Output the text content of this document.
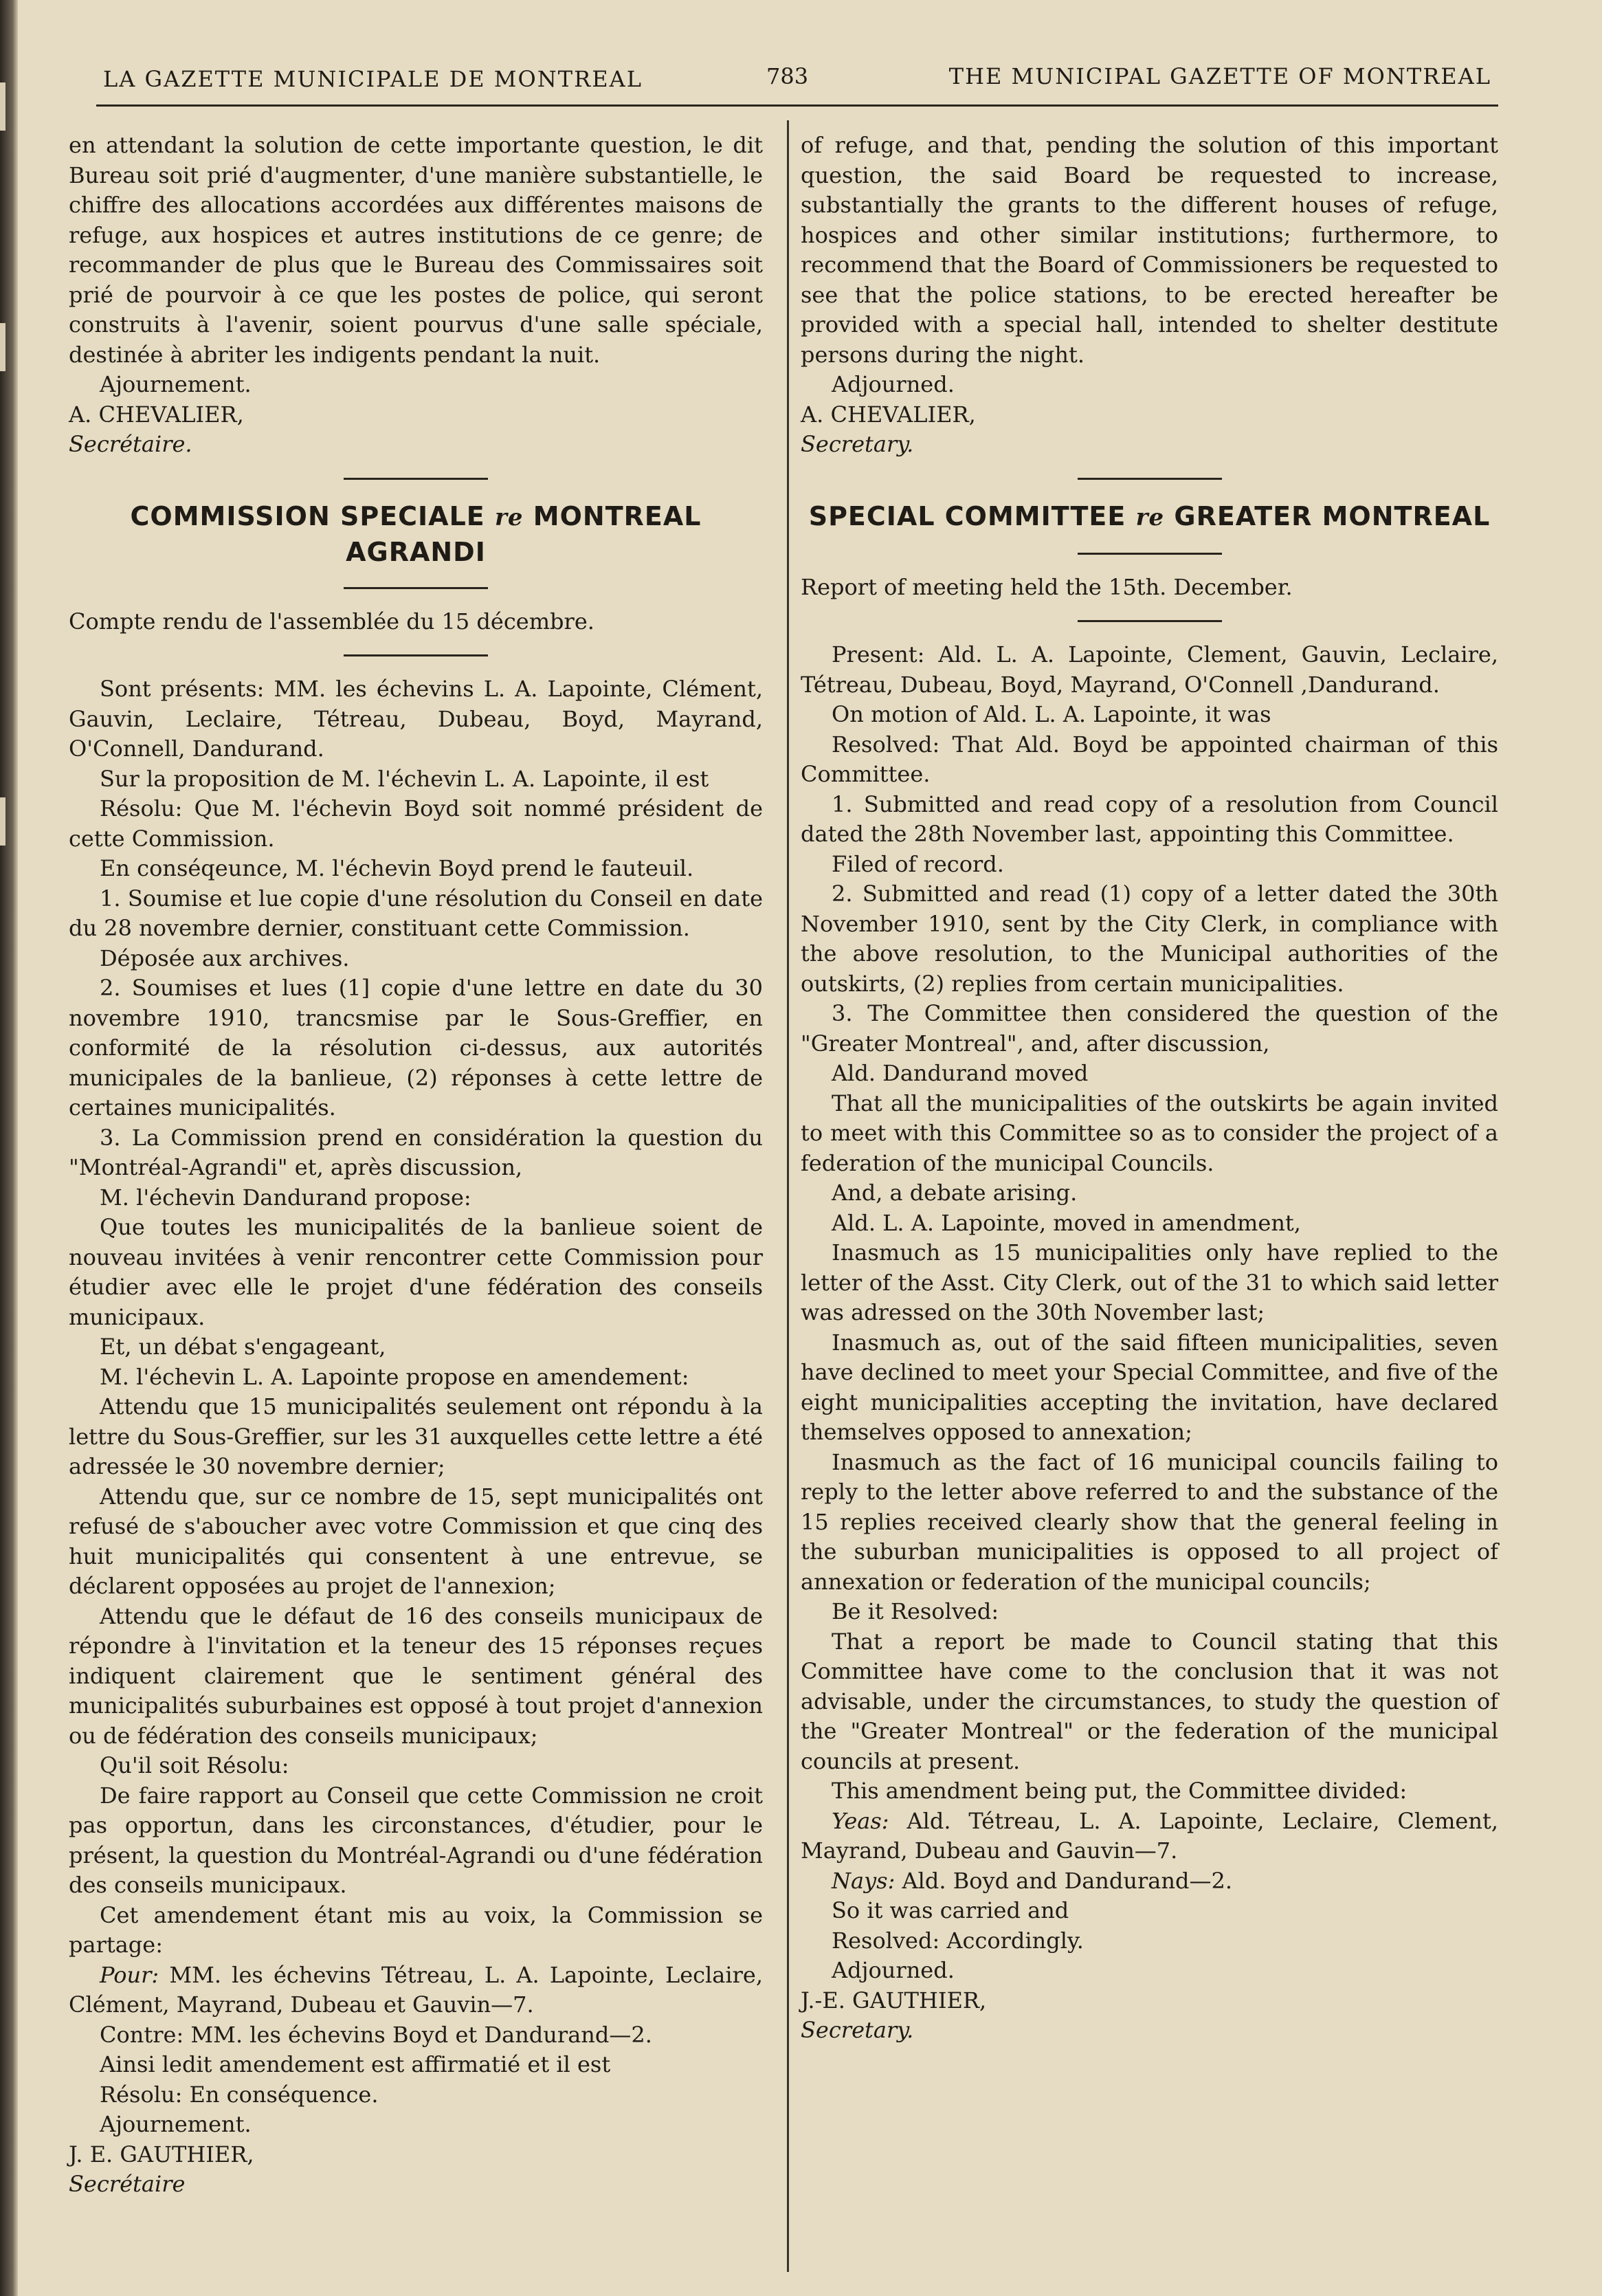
LA GAZETTE MUNICIPALE DE MONTREAL	783	THE MUNICIPAL GAZETTE OF MONTREAL

en attendant la solution de cette importante question, le dit Bureau soit prié d'augmenter, d'une manière substantielle, le chiffre des allocations accordées aux différentes maisons de refuge, aux hospices et autres institutions de ce genre; de recommander de plus que le Bureau des Commissaires soit prié de pourvoir à ce que les postes de police, qui seront construits à l'avenir, soient pourvus d'une salle spéciale, destinée à abriter les indigents pendant la nuit.

Ajournement.

A. CHEVALIER,

Secrétaire.

COMMISSION SPECIALE re MONTREAL AGRANDI

Compte rendu de l'assemblée du 15 décembre.

Sont présents: MM. les échevins L. A. Lapointe, Clément, Gauvin, Leclaire, Tétreau, Dubeau, Boyd, Mayrand, O'Connell, Dandurand.

Sur la proposition de M. l'échevin L. A. Lapointe, il est

Résolu: Que M. l'échevin Boyd soit nommé président de cette Commission.

En conséqeunce, M. l'échevin Boyd prend le fauteuil.

1. Soumise et lue copie d'une résolution du Conseil en date du 28 novembre dernier, constituant cette Commission.

Déposée aux archives.

2. Soumises et lues (1] copie d'une lettre en date du 30 novembre 1910, trancsmise par le Sous-Greffier, en conformité de la résolution ci-dessus, aux autorités municipales de la banlieue, (2) réponses à cette lettre de certaines municipalités.

3. La Commission prend en considération la question du "Montréal-Agrandi" et, après discussion,

M. l'échevin Dandurand propose:

Que toutes les municipalités de la banlieue soient de nouveau invitées à venir rencontrer cette Commission pour étudier avec elle le projet d'une fédération des conseils municipaux.

Et, un débat s'engageant,

M. l'échevin L. A. Lapointe propose en amendement:

Attendu que 15 municipalités seulement ont répondu à la lettre du Sous-Greffier, sur les 31 auxquelles cette lettre a été adressée le 30 novembre dernier;

Attendu que, sur ce nombre de 15, sept municipalités ont refusé de s'aboucher avec votre Commission et que cinq des huit municipalités qui consentent à une entrevue, se déclarent opposées au projet de l'annexion;

Attendu que le défaut de 16 des conseils municipaux de répondre à l'invitation et la teneur des 15 réponses reçues indiquent clairement que le sentiment général des municipalités suburbaines est opposé à tout projet d'annexion ou de fédération des conseils municipaux;

Qu'il soit Résolu:

De faire rapport au Conseil que cette Commission ne croit pas opportun, dans les circonstances, d'étudier, pour le présent, la question du Montréal-Agrandi ou d'une fédération des conseils municipaux.

Cet amendement étant mis au voix, la Commission se partage:

Pour: MM. les échevins Tétreau, L. A. Lapointe, Leclaire, Clément, Mayrand, Dubeau et Gauvin—7.

Contre: MM. les échevins Boyd et Dandurand—2.

Ainsi ledit amendement est affirmatié et il est

Résolu: En conséquence.

Ajournement.

J. E. GAUTHIER,

Secrétaire

of refuge, and that, pending the solution of this important question, the said Board be requested to increase, substantially the grants to the different houses of refuge, hospices and other similar institutions; furthermore, to recommend that the Board of Commissioners be requested to see that the police stations, to be erected hereafter be provided with a special hall, intended to shelter destitute persons during the night.

Adjourned.

A. CHEVALIER,

Secretary.

SPECIAL COMMITTEE re GREATER MONTREAL

Report of meeting held the 15th. December.

Present: Ald. L. A. Lapointe, Clement, Gauvin, Leclaire, Tétreau, Dubeau, Boyd, Mayrand, O'Connell ,Dandurand.

On motion of Ald. L. A. Lapointe, it was

Resolved: That Ald. Boyd be appointed chairman of this Committee.

1. Submitted and read copy of a resolution from Council dated the 28th November last, appointing this Committee.

Filed of record.

2. Submitted and read (1) copy of a letter dated the 30th November 1910, sent by the City Clerk, in compliance with the above resolution, to the Municipal authorities of the outskirts, (2) replies from certain municipalities.

3. The Committee then considered the question of the "Greater Montreal", and, after discussion,

Ald. Dandurand moved

That all the municipalities of the outskirts be again invited to meet with this Committee so as to consider the project of a federation of the municipal Councils.

And, a debate arising.

Ald. L. A. Lapointe, moved in amendment,

Inasmuch as 15 municipalities only have replied to the letter of the Asst. City Clerk, out of the 31 to which said letter was adressed on the 30th November last;

Inasmuch as, out of the said fifteen municipalities, seven have declined to meet your Special Committee, and five of the eight municipalities accepting the invitation, have declared themselves opposed to annexation;

Inasmuch as the fact of 16 municipal councils failing to reply to the letter above referred to and the substance of the 15 replies received clearly show that the general feeling in the suburban municipalities is opposed to all project of annexation or federation of the municipal councils;

Be it Resolved:

That a report be made to Council stating that this Committee have come to the conclusion that it was not advisable, under the circumstances, to study the question of the "Greater Montreal" or the federation of the municipal councils at present.

This amendment being put, the Committee divided:

Yeas: Ald. Tétreau, L. A. Lapointe, Leclaire, Clement, Mayrand, Dubeau and Gauvin—7.

Nays: Ald. Boyd and Dandurand—2.

So it was carried and

Resolved: Accordingly.

Adjourned.

J.-E. GAUTHIER,

Secretary.
